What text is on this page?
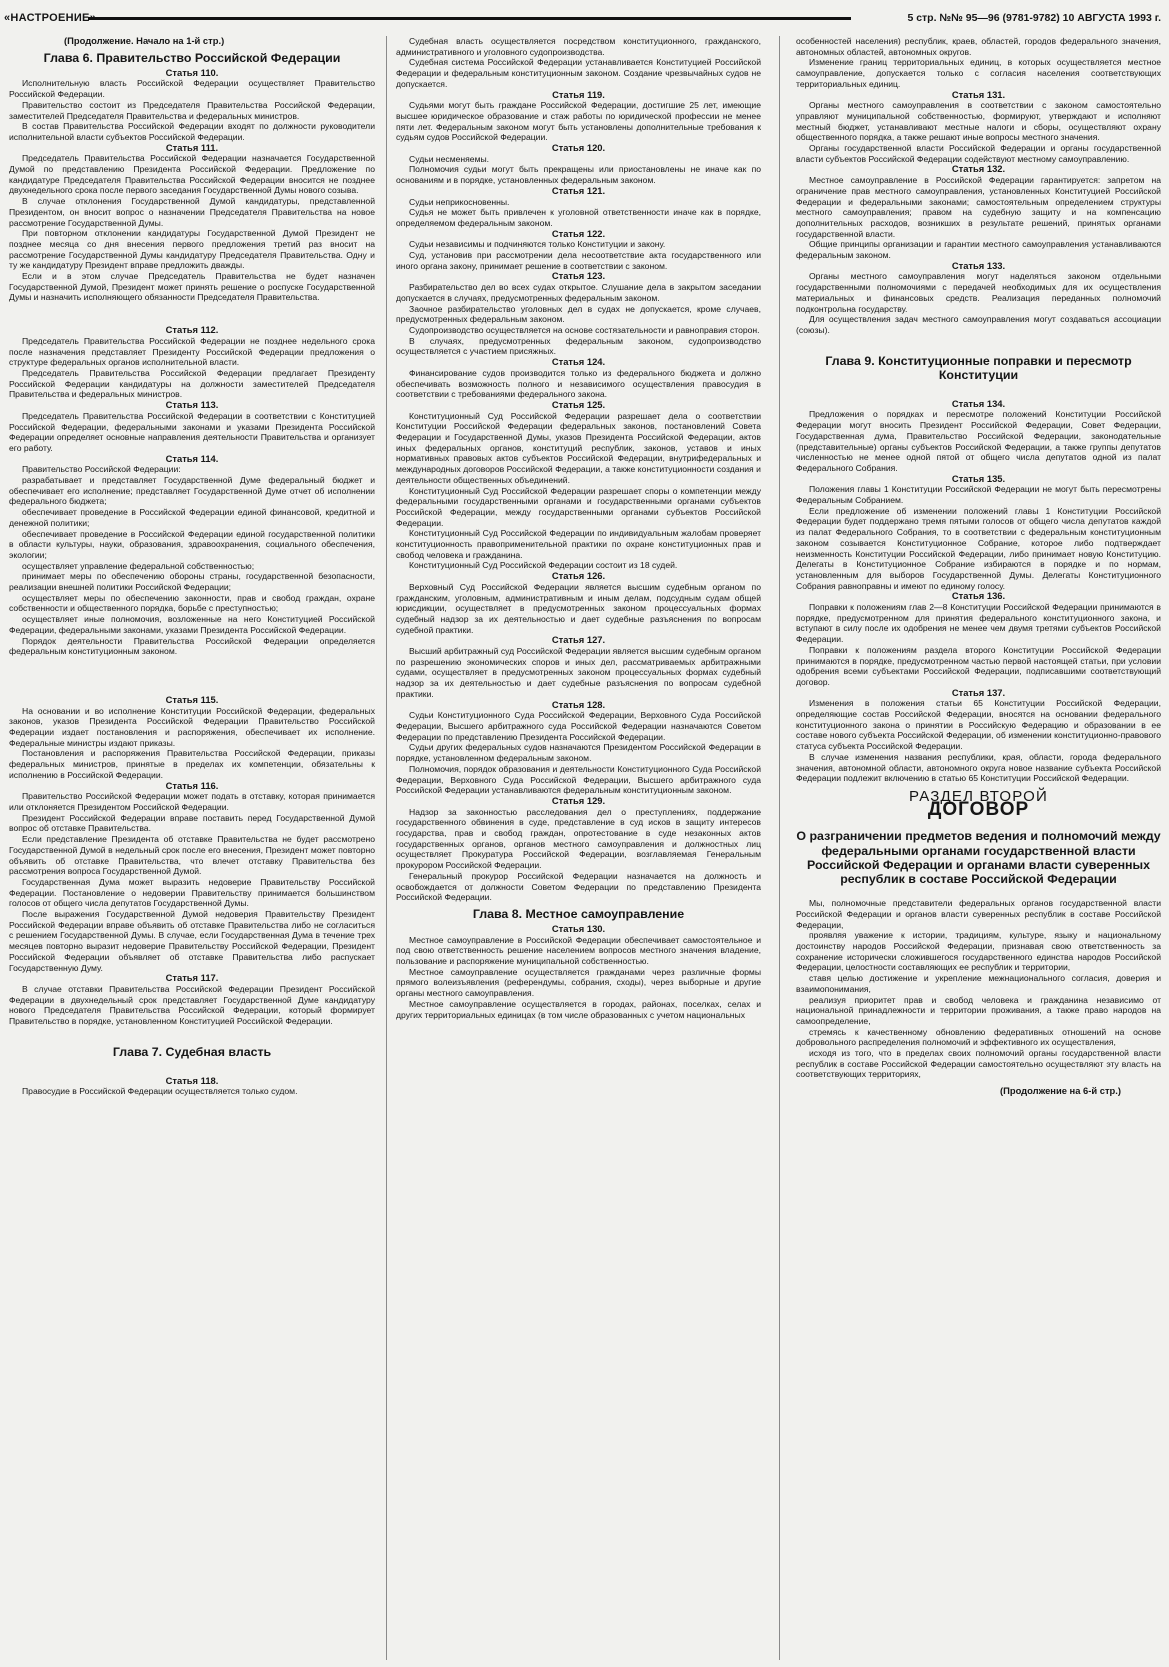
«НАСТРОЕНИЕ»	5 стр. №№ 95—96 (9781-9782) 10 АВГУСТА 1993 г.

(Продолжение. Начало на 1-й стр.)

Глава 6. Правительство Российской Федерации

Статья 110.

Исполнительную власть Российской Федерации осуществляет Правительство Российской Федерации.

Правительство состоит из Председателя Правительства Российской Федерации, заместителей Председателя Правительства и федеральных министров.

В состав Правительства Российской Федерации входят по должности руководители исполнительной власти субъектов Российской Федерации.

Статья 111.

Председатель Правительства Российской Федерации назначается Государственной Думой по представлению Президента Российской Федерации. Предложение по кандидатуре Председателя Правительства Российской Федерации вносится не позднее двухнедельного срока после первого заседания Государственной Думы нового созыва.

В случае отклонения Государственной Думой кандидатуры, представленной Президентом, он вносит вопрос о назначении Председателя Правительства на новое рассмотрение Государственной Думы.

При повторном отклонении кандидатуры Государственной Думой Президент не позднее месяца со дня внесения первого предложения третий раз вносит на рассмотрение Государственной Думы кандидатуру Председателя Правительства. Одну и ту же кандидатуру Президент вправе предложить дважды.

Если и в этом случае Председатель Правительства не будет назначен Государственной Думой, Президент может принять решение о роспуске Государственной Думы и назначить исполняющего обязанности Председателя Правительства.

Статья 112.

Председатель Правительства Российской Федерации не позднее недельного срока после назначения представляет Президенту Российской Федерации предложения о структуре федеральных органов исполнительной власти.

Председатель Правительства Российской Федерации предлагает Президенту Российской Федерации кандидатуры на должности заместителей Председателя Правительства и федеральных министров.

Статья 113.

Председатель Правительства Российской Федерации в соответствии с Конституцией Российской Федерации, федеральными законами и указами Президента Российской Федерации определяет основные направления деятельности Правительства и организует его работу.

Статья 114.

Правительство Российской Федерации:

разрабатывает и представляет Государственной Думе федеральный бюджет и обеспечивает его исполнение; представляет Государственной Думе отчет об исполнении федерального бюджета;

обеспечивает проведение в Российской Федерации единой финансовой, кредитной и денежной политики;

обеспечивает проведение в Российской Федерации единой государственной политики в области культуры, науки, образования, здравоохранения, социального обеспечения, экологии;

осуществляет управление федеральной собственностью;

принимает меры по обеспечению обороны страны, государственной безопасности, реализации внешней политики Российской Федерации;

осуществляет меры по обеспечению законности, прав и свобод граждан, охране собственности и общественного порядка, борьбе с преступностью;

осуществляет иные полномочия, возложенные на него Конституцией Российской Федерации, федеральными законами, указами Президента Российской Федерации.

Порядок деятельности Правительства Российской Федерации определяется федеральным конституционным законом.

Статья 115.

На основании и во исполнение Конституции Российской Федерации, федеральных законов, указов Президента Российской Федерации Правительство Российской Федерации издает постановления и распоряжения, обеспечивает их исполнение. Федеральные министры издают приказы.

Постановления и распоряжения Правительства Российской Федерации, приказы федеральных министров, принятые в пределах их компетенции, обязательны к исполнению в Российской Федерации.

Статья 116.

Правительство Российской Федерации может подать в отставку, которая принимается или отклоняется Президентом Российской Федерации.

Президент Российской Федерации вправе поставить перед Государственной Думой вопрос об отставке Правительства.

Если представление Президента об отставке Правительства не будет рассмотрено Государственной Думой в недельный срок после его внесения, Президент может повторно объявить об отставке Правительства, что влечет отставку Правительства без рассмотрения вопроса Государственной Думой.

Государственная Дума может выразить недоверие Правительству Российской Федерации. Постановление о недоверии Правительству принимается большинством голосов от общего числа депутатов Государственной Думы.

После выражения Государственной Думой недоверия Правительству Президент Российской Федерации вправе объявить об отставке Правительства либо не согласиться с решением Государственной Думы. В случае, если Государственная Дума в течение трех месяцев повторно выразит недоверие Правительству Российской Федерации, Президент Российской Федерации объявляет об отставке Правительства либо распускает Государственную Думу.

Статья 117.

В случае отставки Правительства Российской Федерации Президент Российской Федерации в двухнедельный срок представляет Государственной Думе кандидатуру нового Председателя Правительства Российской Федерации, который формирует Правительство в порядке, установленном Конституцией Российской Федерации.

Глава 7. Судебная власть

Статья 118.

Правосудие в Российской Федерации осуществляется только судом.

Судебная власть осуществляется посредством конституционного, гражданского, административного и уголовного судопроизводства.

Судебная система Российской Федерации устанавливается Конституцией Российской Федерации и федеральным конституционным законом. Создание чрезвычайных судов не допускается.

Статья 119.

Судьями могут быть граждане Российской Федерации, достигшие 25 лет, имеющие высшее юридическое образование и стаж работы по юридической профессии не менее пяти лет. Федеральным законом могут быть установлены дополнительные требования к судьям судов Российской Федерации.

Статья 120.

Судьи несменяемы.

Полномочия судьи могут быть прекращены или приостановлены не иначе как по основаниям и в порядке, установленных федеральным законом.

Статья 121.

Судьи неприкосновенны.

Судья не может быть привлечен к уголовной ответственности иначе как в порядке, определяемом федеральным законом.

Статья 122.

Судьи независимы и подчиняются только Конституции и закону.

Суд, установив при рассмотрении дела несоответствие акта государственного или иного органа закону, принимает решение в соответствии с законом.

Статья 123.

Разбирательство дел во всех судах открытое. Слушание дела в закрытом заседании допускается в случаях, предусмотренных федеральным законом.

Заочное разбирательство уголовных дел в судах не допускается, кроме случаев, предусмотренных федеральным законом.

Судопроизводство осуществляется на основе состязательности и равноправия сторон.

В случаях, предусмотренных федеральным законом, судопроизводство осуществляется с участием присяжных.

Статья 124.

Финансирование судов производится только из федерального бюджета и должно обеспечивать возможность полного и независимого осуществления правосудия в соответствии с требованиями федерального закона.

Статья 125.

Конституционный Суд Российской Федерации разрешает дела о соответствии Конституции Российской Федерации федеральных законов, постановлений Совета Федерации и Государственной Думы, указов Президента Российской Федерации, актов иных федеральных органов, конституций республик, законов, уставов и иных нормативных правовых актов субъектов Российской Федерации, внутрифедеральных и международных договоров Российской Федерации, а также конституционности создания и деятельности общественных объединений.

Конституционный Суд Российской Федерации разрешает споры о компетенции между федеральными государственными органами и государственными органами субъектов Российской Федерации, между государственными органами субъектов Российской Федерации.

Конституционный Суд Российской Федерации по индивидуальным жалобам проверяет конституционность правоприменительной практики по охране конституционных прав и свобод человека и гражданина.

Конституционный Суд Российской Федерации состоит из 18 судей.

Статья 126.

Верховный Суд Российской Федерации является высшим судебным органом по гражданским, уголовным, административным и иным делам, подсудным судам общей юрисдикции, осуществляет в предусмотренных законом процессуальных формах судебный надзор за их деятельностью и дает судебные разъяснения по вопросам судебной практики.

Статья 127.

Высший арбитражный суд Российской Федерации является высшим судебным органом по разрешению экономических споров и иных дел, рассматриваемых арбитражными судами, осуществляет в предусмотренных законом процессуальных формах судебный надзор за их деятельностью и дает судебные разъяснения по вопросам судебной практики.

Статья 128.

Судьи Конституционного Суда Российской Федерации, Верховного Суда Российской Федерации, Высшего арбитражного суда Российской Федерации назначаются Советом Федерации по представлению Президента Российской Федерации.

Судьи других федеральных судов назначаются Президентом Российской Федерации в порядке, установленном федеральным законом.

Полномочия, порядок образования и деятельности Конституционного Суда Российской Федерации, Верховного Суда Российской Федерации, Высшего арбитражного суда Российской Федерации устанавливаются федеральным конституционным законом.

Статья 129.

Надзор за законностью расследования дел о преступлениях, поддержание государственного обвинения в суде, представление в суд исков в защиту интересов государства, прав и свобод граждан, опротестование в суде незаконных актов государственных органов, органов местного самоуправления и должностных лиц осуществляет Прокуратура Российской Федерации, возглавляемая Генеральным прокурором Российской Федерации.

Генеральный прокурор Российской Федерации назначается на должность и освобождается от должности Советом Федерации по представлению Президента Российской Федерации.

Глава 8. Местное самоуправление

Статья 130.

Местное самоуправление в Российской Федерации обеспечивает самостоятельное и под свою ответственность решение населением вопросов местного значения владение, пользование и распоряжение муниципальной собственностью.

Местное самоуправление осуществляется гражданами через различные формы прямого волеизъявления (референдумы, собрания, сходы), через выборные и другие органы местного самоуправления.

Местное самоуправление осуществляется в городах, районах, поселках, селах и других территориальных единицах (в том числе образованных с учетом национальных

особенностей населения) республик, краев, областей, городов федерального значения, автономных областей, автономных округов.

Изменение границ территориальных единиц, в которых осуществляется местное самоуправление, допускается только с согласия населения соответствующих территориальных единиц.

Статья 131.

Органы местного самоуправления в соответствии с законом самостоятельно управляют муниципальной собственностью, формируют, утверждают и исполняют местный бюджет, устанавливают местные налоги и сборы, осуществляют охрану общественного порядка, а также решают иные вопросы местного значения.

Органы государственной власти Российской Федерации и органы государственной власти субъектов Российской Федерации содействуют местному самоуправлению.

Статья 132.

Местное самоуправление в Российской Федерации гарантируется: запретом на ограничение прав местного самоуправления, установленных Конституцией Российской Федерации и федеральными законами; самостоятельным определением структуры местного самоуправления; правом на судебную защиту и на компенсацию дополнительных расходов, возникших в результате решений, принятых органами государственной власти.

Общие принципы организации и гарантии местного самоуправления устанавливаются федеральным законом.

Статья 133.

Органы местного самоуправления могут наделяться законом отдельными государственными полномочиями с передачей необходимых для их осуществления материальных и финансовых средств. Реализация переданных полномочий подконтрольна государству.

Для осуществления задач местного самоуправления могут создаваться ассоциации (союзы).

Глава 9. Конституционные поправки и пересмотр Конституции

Статья 134.

Предложения о порядках и пересмотре положений Конституции Российской Федерации могут вносить Президент Российской Федерации, Совет Федерации, Государственная дума, Правительство Российской Федерации, законодательные (представительные) органы субъектов Российской Федерации, а также группы депутатов численностью не менее одной пятой от общего числа депутатов одной из палат Федерального Собрания.

Статья 135.

Положения главы 1 Конституции Российской Федерации не могут быть пересмотрены Федеральным Собранием.

Если предложение об изменении положений главы 1 Конституции Российской Федерации будет поддержано тремя пятыми голосов от общего числа депутатов каждой из палат Федерального Собрания, то в соответствии с федеральным конституционным законом созывается Конституционное Собрание, которое либо подтверждает неизменность Конституции Российской Федерации, либо принимает новую Конституцию. Делегаты в Конституционное Собрание избираются в порядке и по нормам, установленным для выборов Государственной Думы. Делегаты Конституционного Собрания равноправны и имеют по единому голосу.

Статья 136.

Поправки к положениям глав 2—8 Конституции Российской Федерации принимаются в порядке, предусмотренном для принятия федерального конституционного закона, и вступают в силу после их одобрения не менее чем двумя третями субъектов Российской Федерации.

Поправки к положениям раздела второго Конституции Российской Федерации принимаются в порядке, предусмотренном частью первой настоящей статьи, при условии одобрения всеми субъектами Российской Федерации, подписавшими соответствующий договор.

Статья 137.

Изменения в положения статьи 65 Конституции Российской Федерации, определяющие состав Российской Федерации, вносятся на основании федерального конституционного закона о принятии в Российскую Федерацию и образовании в ее составе нового субъекта Российской Федерации, об изменении конституционно-правового статуса субъекта Российской Федерации.

В случае изменения названия республики, края, области, города федерального значения, автономной области, автономного округа новое название субъекта Российской Федерации подлежит включению в статью 65 Конституции Российской Федерации.

РАЗДЕЛ ВТОРОЙ
ДОГОВОР
О разграничении предметов ведения и полномочий между федеральными органами государственной власти Российской Федерации и органами власти суверенных республик в составе Российской Федерации

Мы, полномочные представители федеральных органов государственной власти Российской Федерации и органов власти суверенных республик в составе Российской Федерации,

проявляя уважение к истории, традициям, культуре, языку и национальному достоинству народов Российской Федерации, признавая свою ответственность за сохранение исторически сложившегося государственного единства народов Российской Федерации, целостности составляющих ее республик и территории,

ставя целью достижение и укрепление межнационального согласия, доверия и взаимопонимания,

реализуя приоритет прав и свобод человека и гражданина независимо от национальной принадлежности и территории проживания, а также право народов на самоопределение,

стремясь к качественному обновлению федеративных отношений на основе добровольного распределения полномочий и эффективного их осуществления,

исходя из того, что в пределах своих полномочий органы государственной власти республик в составе Российской Федерации самостоятельно осуществляют эту власть на соответствующих территориях,

(Продолжение на 6-й стр.)
